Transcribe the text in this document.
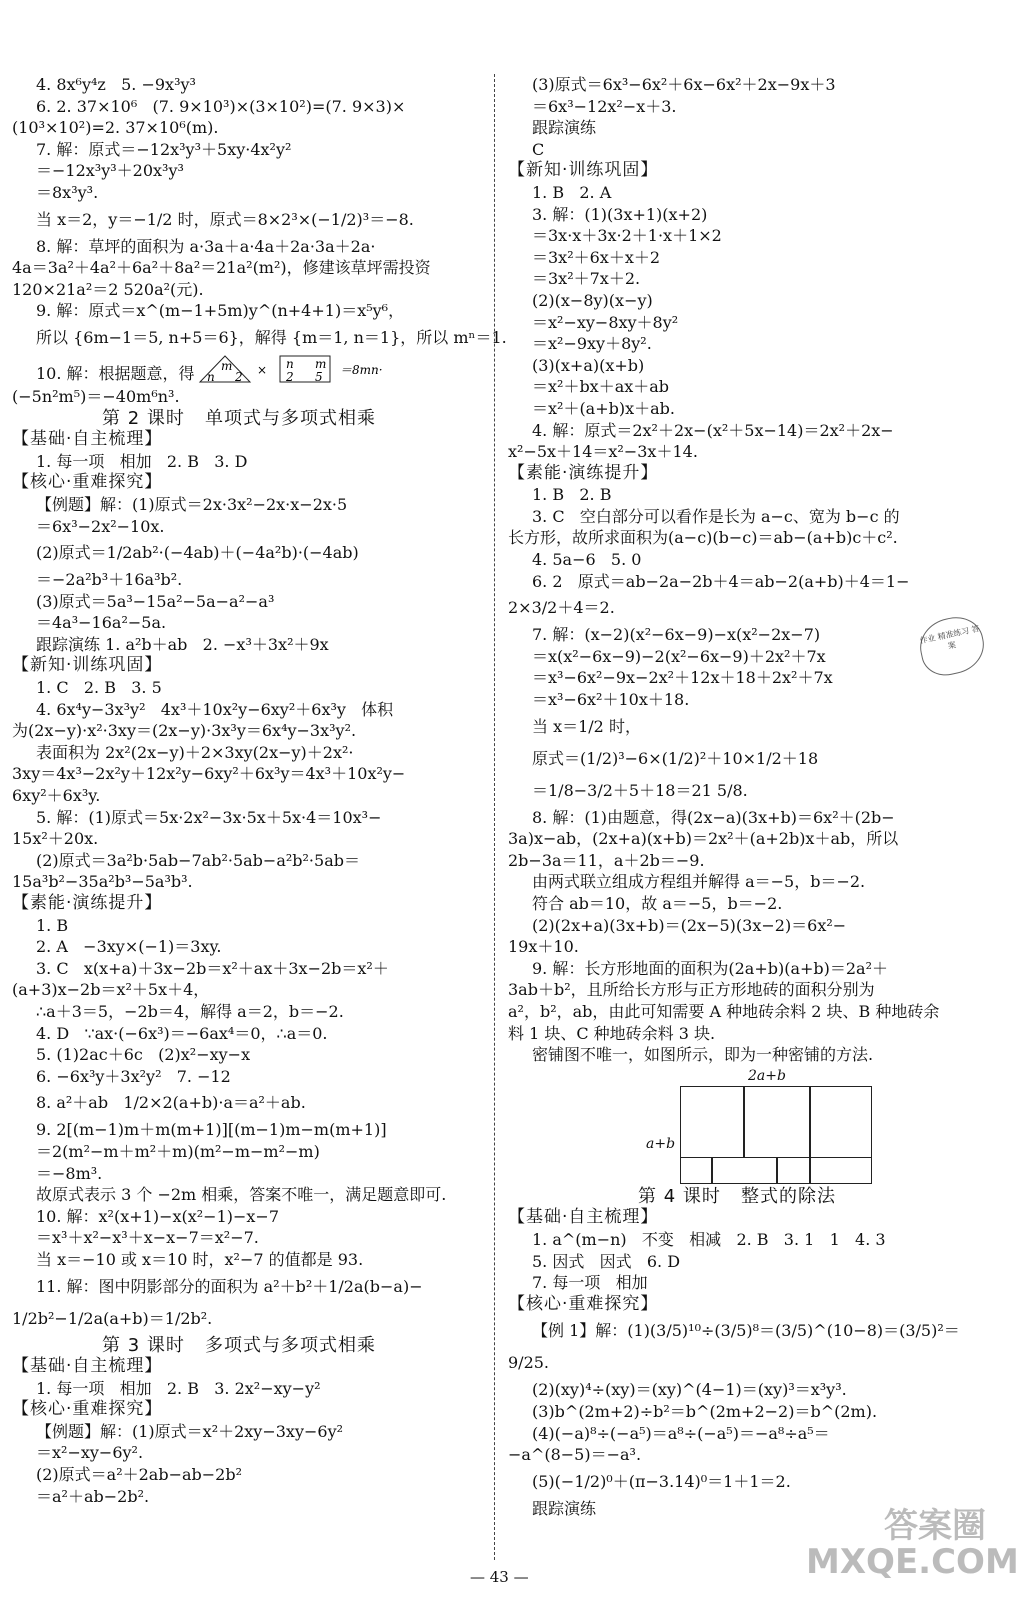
4. 8x⁶y⁴z   5. −9x³y³
6. 2. 37×10⁶   (7. 9×10³)×(3×10²)=(7. 9×3)×
(10³×10²)=2. 37×10⁶(m).
7. 解：原式＝−12x³y³＋5xy·4x²y²
＝−12x³y³＋20x³y³
＝8x³y³.
当 x＝2，y＝−1/2 时，原式＝8×2³×(−1/2)³＝−8.
8. 解：草坪的面积为 a·3a＋a·4a＋2a·3a＋2a·
4a＝3a²＋4a²＋6a²＋8a²＝21a²(m²)，修建该草坪需投资
120×21a²＝2 520a²(元).
9. 解：原式＝x^(m−1+5m)y^(n+4+1)＝x⁵y⁶，
所以 {6m−1＝5, n+5＝6}，解得 {m＝1, n＝1}，所以 mⁿ＝1.
10. 解：根据题意，得 m
n 2
n m
2 5
×	＝8mn·
(−5n²m⁵)＝−40m⁶n³.
第 2 课时   单项式与多项式相乘
【基础·自主梳理】
1. 每一项   相加   2. B   3. D
【核心·重难探究】
【例题】解：(1)原式＝2x·3x²−2x·x−2x·5
＝6x³−2x²−10x.
(2)原式＝1/2ab²·(−4ab)＋(−4a²b)·(−4ab)
＝−2a²b³＋16a³b².
(3)原式＝5a³−15a²−5a−a²−a³
＝4a³−16a²−5a.
跟踪演练 1. a²b＋ab   2. −x³＋3x²＋9x
【新知·训练巩固】
1. C   2. B   3. 5
4. 6x⁴y−3x³y²   4x³＋10x²y−6xy²＋6x³y   体积
为(2x−y)·x²·3xy＝(2x−y)·3x³y＝6x⁴y−3x³y².
表面积为 2x²(2x−y)＋2×3xy(2x−y)＋2x²·
3xy＝4x³−2x²y＋12x²y−6xy²＋6x³y＝4x³＋10x²y−
6xy²＋6x³y.
5. 解：(1)原式＝5x·2x²−3x·5x＋5x·4＝10x³−
15x²＋20x.
(2)原式＝3a²b·5ab−7ab²·5ab−a²b²·5ab＝
15a³b²−35a²b³−5a³b³.
【素能·演练提升】
1. B
2. A   −3xy×(−1)＝3xy.
3. C   x(x+a)＋3x−2b＝x²＋ax＋3x−2b＝x²＋
(a+3)x−2b＝x²＋5x＋4，
∴a＋3＝5，−2b＝4，解得 a＝2，b＝−2.
4. D   ∵ax·(−6x³)＝−6ax⁴＝0，∴a＝0.
5. (1)2ac＋6c   (2)x²−xy−x
6. −6x³y＋3x²y²   7. −12
8. a²＋ab   1/2×2(a+b)·a＝a²＋ab.
9. 2[(m−1)m＋m(m+1)][(m−1)m−m(m+1)]
＝2(m²−m＋m²＋m)(m²−m−m²−m)
＝−8m³.
故原式表示 3 个 −2m 相乘，答案不唯一，满足题意即可.
10. 解：x²(x+1)−x(x²−1)−x−7
＝x³＋x²−x³＋x−x−7＝x²−7.
当 x＝−10 或 x＝10 时，x²−7 的值都是 93.
11. 解：图中阴影部分的面积为 a²＋b²＋1/2a(b−a)−
1/2b²−1/2a(a+b)＝1/2b².
第 3 课时   多项式与多项式相乘
【基础·自主梳理】
1. 每一项   相加   2. B   3. 2x²−xy−y²
【核心·重难探究】
【例题】解：(1)原式＝x²＋2xy−3xy−6y²
＝x²−xy−6y².
(2)原式＝a²＋2ab−ab−2b²
＝a²＋ab−2b².
(3)原式＝6x³−6x²＋6x−6x²＋2x−9x＋3
＝6x³−12x²−x＋3.
跟踪演练
C
【新知·训练巩固】
1. B   2. A
3. 解：(1)(3x+1)(x+2)
＝3x·x＋3x·2＋1·x＋1×2
＝3x²＋6x＋x＋2
＝3x²＋7x＋2.
(2)(x−8y)(x−y)
＝x²−xy−8xy＋8y²
＝x²−9xy＋8y².
(3)(x+a)(x+b)
＝x²＋bx＋ax＋ab
＝x²＋(a+b)x＋ab.
4. 解：原式＝2x²＋2x−(x²＋5x−14)＝2x²＋2x−
x²−5x＋14＝x²−3x＋14.
【素能·演练提升】
1. B   2. B
3. C   空白部分可以看作是长为 a−c、宽为 b−c 的
长方形，故所求面积为(a−c)(b−c)＝ab−(a+b)c＋c².
4. 5a−6   5. 0
6. 2   原式＝ab−2a−2b＋4＝ab−2(a+b)＋4＝1−
2×3/2＋4＝2.
7. 解：(x−2)(x²−6x−9)−x(x²−2x−7)
＝x(x²−6x−9)−2(x²−6x−9)＋2x²＋7x
＝x³−6x²−9x−2x²＋12x＋18＋2x²＋7x
＝x³−6x²＋10x＋18.
当 x＝1/2 时，
原式＝(1/2)³−6×(1/2)²＋10×1/2＋18
＝1/8−3/2＋5＋18＝21 5/8.
8. 解：(1)由题意，得(2x−a)(3x+b)＝6x²＋(2b−
3a)x−ab，(2x+a)(x+b)＝2x²＋(a+2b)x＋ab，所以
2b−3a＝11，a＋2b＝−9.
由两式联立组成方程组并解得 a＝−5，b＝−2.
符合 ab＝10，故 a＝−5，b＝−2.
(2)(2x+a)(3x+b)＝(2x−5)(3x−2)＝6x²−
19x＋10.
9. 解：长方形地面的面积为(2a+b)(a+b)＝2a²＋
3ab＋b²，且所给长方形与正方形地砖的面积分别为
a²，b²，ab，由此可知需要 A 种地砖余料 2 块、B 种地砖余
料 1 块、C 种地砖余料 3 块.
密铺图不唯一，如图所示，即为一种密铺的方法.
2a+b
a+b
第 4 课时   整式的除法
【基础·自主梳理】
1. a^(m−n)   不变   相减   2. B   3. 1   1   4. 3
5. 因式   因式   6. D
7. 每一项   相加
【核心·重难探究】
【例 1】解：(1)(3/5)¹⁰÷(3/5)⁸＝(3/5)^(10−8)＝(3/5)²＝
9/25.
(2)(xy)⁴÷(xy)＝(xy)^(4−1)＝(xy)³＝x³y³.
(3)b^(2m+2)÷b²＝b^(2m+2−2)＝b^(2m).
(4)(−a)⁸÷(−a⁵)＝a⁸÷(−a⁵)＝−a⁸÷a⁵＝
−a^(8−5)＝−a³.
(5)(−1/2)⁰＋(π−3.14)⁰＝1＋1＝2.
跟踪演练
作业 精准练习 答案
答案圈 MXQE.COM
— 43 —
